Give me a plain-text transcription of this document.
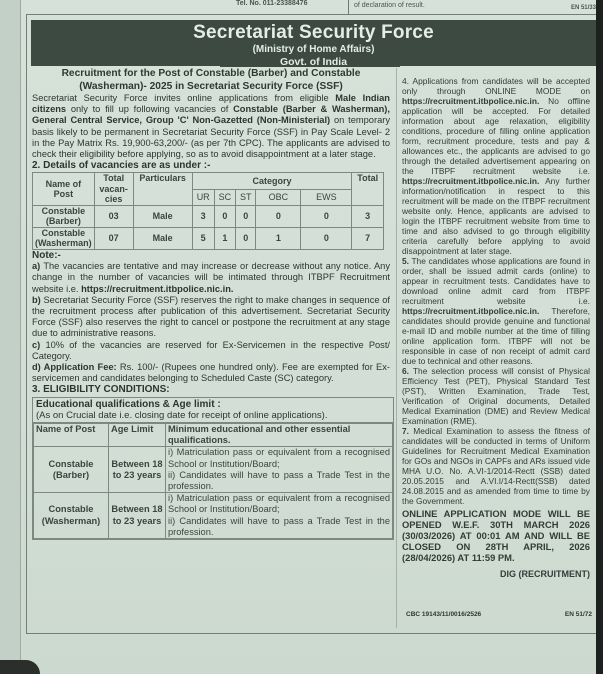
Tel. No. 011-23388476	of declaration of result.	EN 51/33
Secretariat Security Force
(Ministry of Home Affairs)
Govt. of India
Recruitment for the Post of Constable (Barber) and Constable
(Washerman)- 2025 in Secretariat Security Force (SSF)

Secretariat Security Force invites online applications from eligible Male Indian citizens only to fill up following vacancies of Constable (Barber & Washerman), General Central Service, Group 'C' Non-Gazetted (Non-Ministerial) on temporary basis likely to be permanent in Secretariat Security Force (SSF) in Pay Scale Level- 2 in the Pay Matrix Rs. 19,900-63,200/- (as per 7th CPC). The applicants are advised to check their eligibility before applying, so as to avoid disappointment at a later stage.

2. Details of vacancies are as under :-

Name of Post	Total vacan-cies	Particulars	Category					Total
			UR	SC	ST	OBC	EWS	
Constable (Barber)	03	Male	3	0	0	0	0	3
Constable (Washerman)	07	Male	5	1	0	1	0	7

Note:-

a) The vacancies are tentative and may increase or decrease without any notice. Any change in the number of vacancies will be intimated through ITBPF Recruitment website i.e. https://recruitment.itbpolice.nic.in.

b) Secretariat Security Force (SSF) reserves the right to make changes in sequence of the recruitment process after publication of this advertisement. Secretariat Security Force (SSF) also reserves the right to cancel or postpone the recruitment at any stage due to administrative reasons.

c) 10% of the vacancies are reserved for Ex-Servicemen in the respective Post/ Category.

d) Application Fee: Rs. 100/- (Rupees one hundred only). Fee are exempted for Ex-servicemen and candidates belonging to Scheduled Caste (SC) category.

3. ELIGIBILITY CONDITIONS:

Educational qualifications & Age limit :
(As on Crucial date i.e. closing date for receipt of online applications).
Name of Post	Age Limit	Minimum educational and other essential qualifications.
Constable (Barber)	Between 18 to 23 years	i) Matriculation pass or equivalent from a recognised School or Institution/Board;
ii) Candidates will have to pass a Trade Test in the profession.

Constable (Washerman)	Between 18 to 23 years	i) Matriculation pass or equivalent from a recognised School or Institution/Board;
ii) Candidates will have to pass a Trade Test in the profession.

4. Applications from candidates will be accepted only through ONLINE MODE on https://recruitment.itbpolice.nic.in. No offline application will be accepted. For detailed information about age relaxation, eligibility conditions, procedure of filling online application form, recruitment procedure, tests and pay & allowances etc., the applicants are advised to go through the detailed advertisement appearing on the ITBPF recruitment website i.e. https://recruitment.itbpolice.nic.in. Any further information/notification in respect to this recruitment will be made on the ITBPF recruitment website only. Hence, applicants are advised to login the ITBPF recruitment website from time to time and also advised to go through eligibility criteria carefully before applying to avoid disappointment at later stage.

5. The candidates whose applications are found in order, shall be issued admit cards (online) to appear in recruitment tests. Candidates have to download online admit card from ITBPF recruitment website i.e. https://recruitment.itbpolice.nic.in. Therefore, candidates should provide genuine and functional e-mail ID and mobile number at the time of filling online application form. ITBPF will not be responsible in case of non receipt of admit card due to technical and other reasons.

6. The selection process will consist of Physical Efficiency Test (PET), Physical Standard Test (PST), Written Examination, Trade Test, Verification of Original documents, Detailed Medical Examination (DME) and Review Medical Examination (RME).

7. Medical Examination to assess the fitness of candidates will be conducted in terms of Uniform Guidelines for Recruitment Medical Examination for GOs and NGOs in CAPFs and ARs issued vide MHA U.O. No. A.VI-1/2014-Rectt (SSB) dated 20.05.2015 and A.VI.I/14-Rectt(SSB) dated 24.08.2015 and as amended from time to time by the Government.

ONLINE APPLICATION MODE WILL BE OPENED W.E.F. 30TH MARCH 2026 (30/03/2026) AT 00:01 AM AND WILL BE CLOSED ON 28TH APRIL, 2026 (28/04/2026) AT 11:59 PM.

DIG (RECRUITMENT)

CBC 19143/11/0016/2526	EN 51/72
